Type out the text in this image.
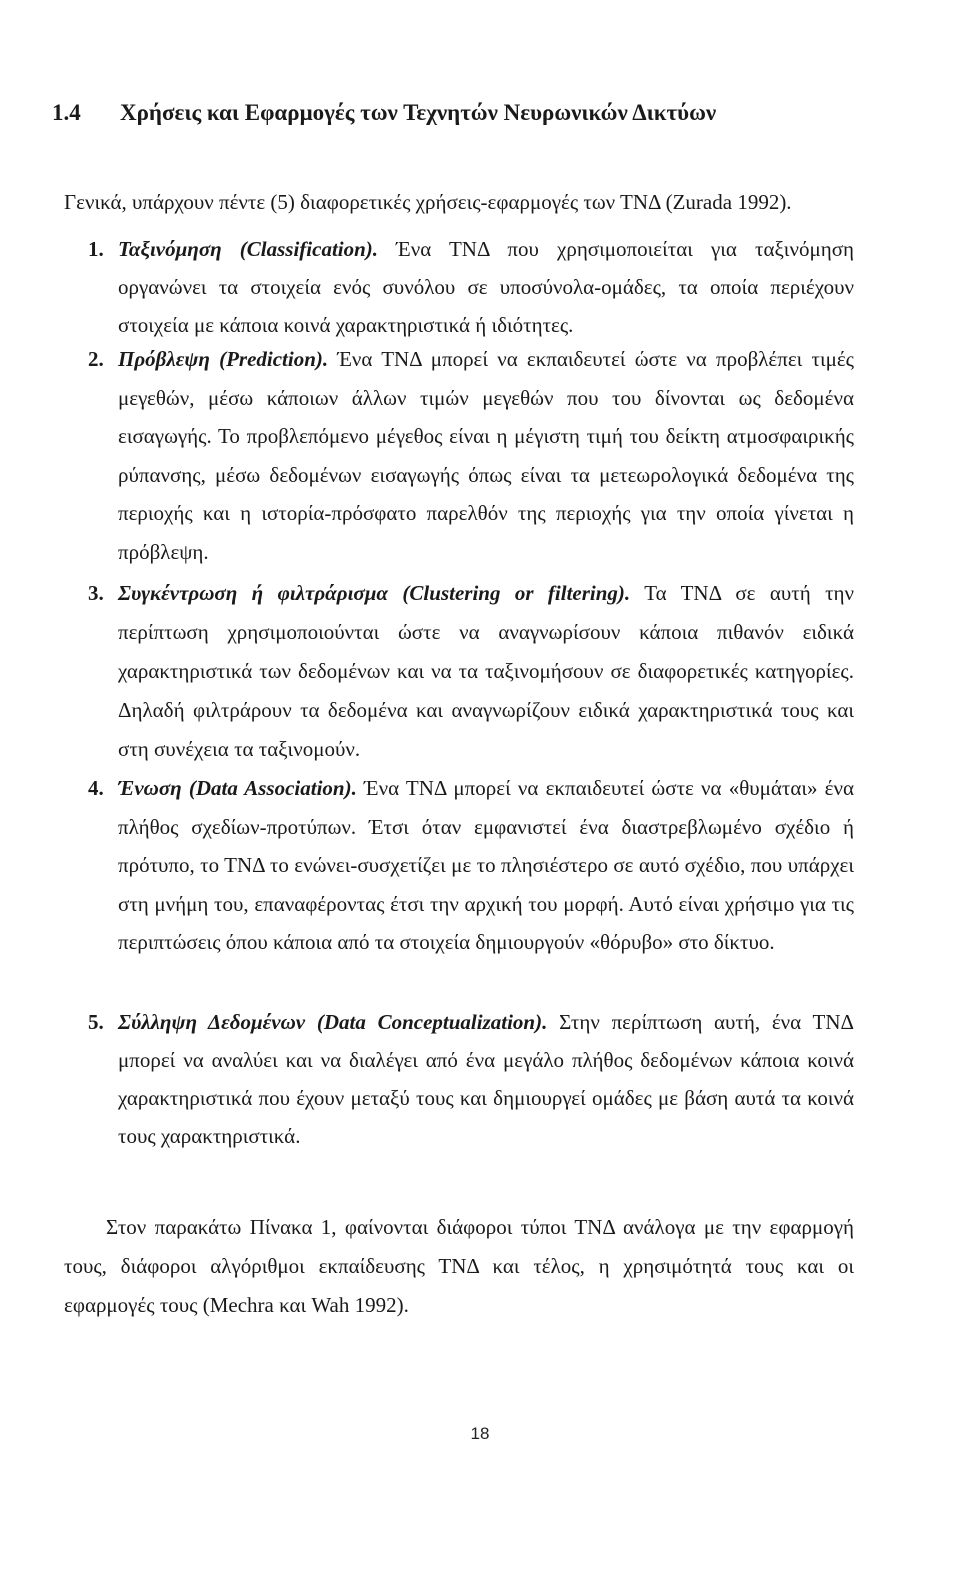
1.4 Χρήσεις και Εφαρμογές των Τεχνητών Νευρωνικών Δικτύων
Γενικά, υπάρχουν πέντε (5) διαφορετικές χρήσεις-εφαρμογές των ΤΝΔ (Zurada 1992).
1. Ταξινόμηση (Classification). Ένα ΤΝΔ που χρησιμοποιείται για ταξινόμηση οργανώνει τα στοιχεία ενός συνόλου σε υποσύνολα-ομάδες, τα οποία περιέχουν στοιχεία με κάποια κοινά χαρακτηριστικά ή ιδιότητες.
2. Πρόβλεψη (Prediction). Ένα ΤΝΔ μπορεί να εκπαιδευτεί ώστε να προβλέπει τιμές μεγεθών, μέσω κάποιων άλλων τιμών μεγεθών που του δίνονται ως δεδομένα εισαγωγής. Το προβλεπόμενο μέγεθος είναι η μέγιστη τιμή του δείκτη ατμοσφαιρικής ρύπανσης, μέσω δεδομένων εισαγωγής όπως είναι τα μετεωρολογικά δεδομένα της περιοχής και η ιστορία-πρόσφατο παρελθόν της περιοχής για την οποία γίνεται η πρόβλεψη.
3. Συγκέντρωση ή φιλτράρισμα (Clustering or filtering). Τα ΤΝΔ σε αυτή την περίπτωση χρησιμοποιούνται ώστε να αναγνωρίσουν κάποια πιθανόν ειδικά χαρακτηριστικά των δεδομένων και να τα ταξινομήσουν σε διαφορετικές κατηγορίες. Δηλαδή φιλτράρουν τα δεδομένα και αναγνωρίζουν ειδικά χαρακτηριστικά τους και στη συνέχεια τα ταξινομούν.
4. Ένωση (Data Association). Ένα ΤΝΔ μπορεί να εκπαιδευτεί ώστε να «θυμάται» ένα πλήθος σχεδίων-προτύπων. Έτσι όταν εμφανιστεί ένα διαστρεβλωμένο σχέδιο ή πρότυπο, το ΤΝΔ το ενώνει-συσχετίζει με το πλησιέστερο σε αυτό σχέδιο, που υπάρχει στη μνήμη του, επαναφέροντας έτσι την αρχική του μορφή. Αυτό είναι χρήσιμο για τις περιπτώσεις όπου κάποια από τα στοιχεία δημιουργούν «θόρυβο» στο δίκτυο.
5. Σύλληψη Δεδομένων (Data Conceptualization). Στην περίπτωση αυτή, ένα ΤΝΔ μπορεί να αναλύει και να διαλέγει από ένα μεγάλο πλήθος δεδομένων κάποια κοινά χαρακτηριστικά που έχουν μεταξύ τους και δημιουργεί ομάδες με βάση αυτά τα κοινά τους χαρακτηριστικά.
Στον παρακάτω Πίνακα 1, φαίνονται διάφοροι τύποι ΤΝΔ ανάλογα με την εφαρμογή τους, διάφοροι αλγόριθμοι εκπαίδευσης ΤΝΔ και τέλος, η χρησιμότητά τους και οι εφαρμογές τους (Mechra και Wah 1992).
18
